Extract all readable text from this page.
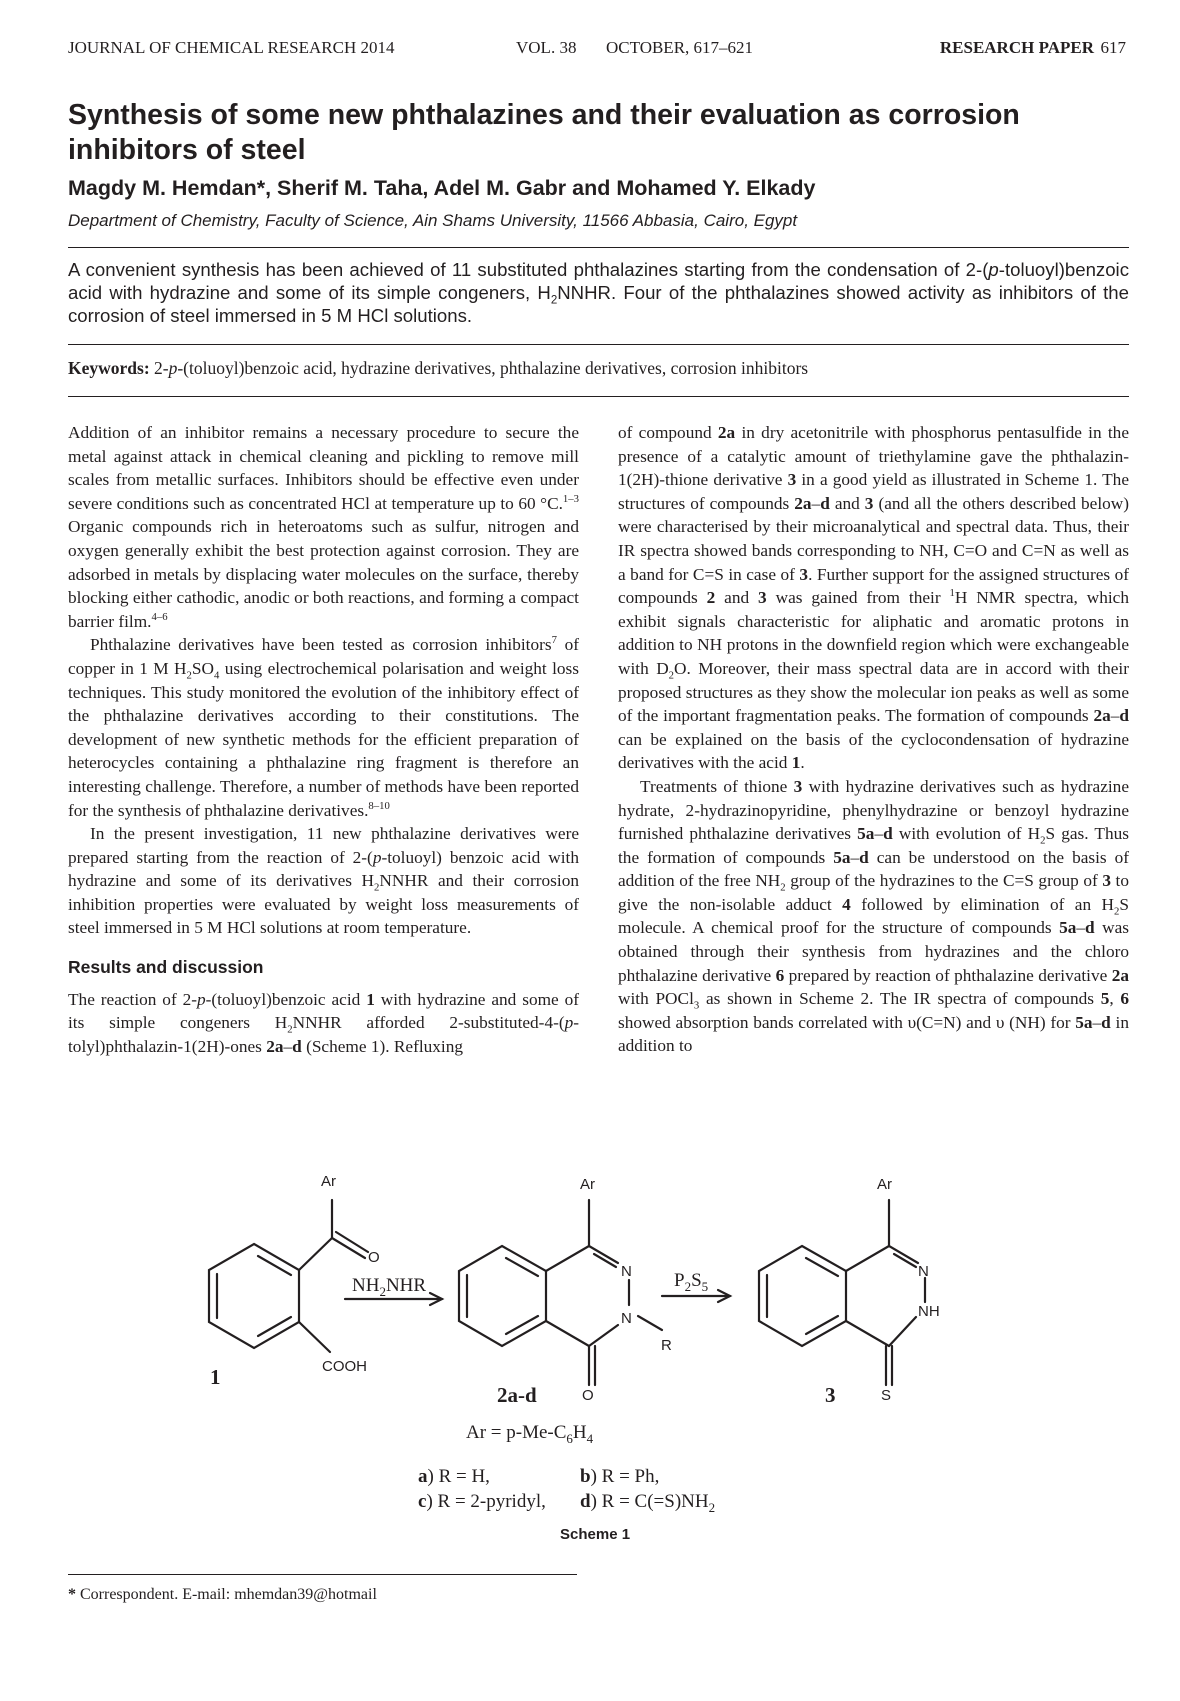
JOURNAL OF CHEMICAL RESEARCH 2014	VOL. 38 OCTOBER, 617–621	RESEARCH PAPER 617
Synthesis of some new phthalazines and their evaluation as corrosion inhibitors of steel

Magdy M. Hemdan*, Sherif M. Taha, Adel M. Gabr and Mohamed Y. Elkady

Department of Chemistry, Faculty of Science, Ain Shams University, 11566 Abbasia, Cairo, Egypt

A convenient synthesis has been achieved of 11 substituted phthalazines starting from the condensation of 2-(p-toluoyl)benzoic acid with hydrazine and some of its simple congeners, $H_2NNHR$. Four of the phthalazines showed activity as inhibitors of the corrosion of steel immersed in 5 M HCl solutions.

Keywords: 2-p-(toluoyl)benzoic acid, hydrazine derivatives, phthalazine derivatives, corrosion inhibitors

Addition of an inhibitor remains a necessary procedure to secure the metal against attack in chemical cleaning and pickling to remove mill scales from metallic surfaces. Inhibitors should be effective even under severe conditions such as concentrated HCl at temperature up to 60 °C.$^{1-3}$ Organic compounds rich in heteroatoms such as sulfur, nitrogen and oxygen generally exhibit the best protection against corrosion. They are adsorbed in metals by displacing water molecules on the surface, thereby blocking either cathodic, anodic or both reactions, and forming a compact barrier film.$^{4-6}$

Phthalazine derivatives have been tested as corrosion inhibitors$^7$ of copper in 1 M $H_2SO_4$ using electrochemical polarisation and weight loss techniques. This study monitored the evolution of the inhibitory effect of the phthalazine derivatives according to their constitutions. The development of new synthetic methods for the efficient preparation of heterocycles containing a phthalazine ring fragment is therefore an interesting challenge. Therefore, a number of methods have been reported for the synthesis of phthalazine derivatives.$^{8-10}$

In the present investigation, 11 new phthalazine derivatives were prepared starting from the reaction of 2-(p-toluoyl) benzoic acid with hydrazine and some of its derivatives $H_2NNHR$ and their corrosion inhibition properties were evaluated by weight loss measurements of steel immersed in 5 M HCl solutions at room temperature.

Results and discussion

The reaction of 2-p-(toluoyl)benzoic acid 1 with hydrazine and some of its simple congeners $H_2NNHR$ afforded 2-substituted-4-(p-tolyl)phthalazin-1(2H)-ones 2a–d (Scheme 1). Refluxing

of compound 2a in dry acetonitrile with phosphorus pentasulfide in the presence of a catalytic amount of triethylamine gave the phthalazin-1(2H)-thione derivative 3 in a good yield as illustrated in Scheme 1. The structures of compounds 2a–d and 3 (and all the others described below) were characterised by their microanalytical and spectral data. Thus, their IR spectra showed bands corresponding to NH, C=O and C=N as well as a band for C=S in case of 3. Further support for the assigned structures of compounds 2 and 3 was gained from their $^1$H NMR spectra, which exhibit signals characteristic for aliphatic and aromatic protons in addition to NH protons in the downfield region which were exchangeable with $D_2O$. Moreover, their mass spectral data are in accord with their proposed structures as they show the molecular ion peaks as well as some of the important fragmentation peaks. The formation of compounds 2a–d can be explained on the basis of the cyclocondensation of hydrazine derivatives with the acid 1.

Treatments of thione 3 with hydrazine derivatives such as hydrazine hydrate, 2-hydrazinopyridine, phenylhydrazine or benzoyl hydrazine furnished phthalazine derivatives 5a–d with evolution of $H_2S$ gas. Thus the formation of compounds 5a–d can be understood on the basis of addition of the free $NH_2$ group of the hydrazines to the C=S group of 3 to give the non-isolable adduct 4 followed by elimination of an $H_2S$ molecule. A chemical proof for the structure of compounds 5a–d was obtained through their synthesis from hydrazines and the chloro phthalazine derivative 6 prepared by reaction of phthalazine derivative 2a with POCl$_3$ as shown in Scheme 2. The IR spectra of compounds 5, 6 showed absorption bands correlated with υ(C=N) and υ (NH) for 5a–d in addition to

Ar
O
COOH
Ar
N
N
R
O
Ar
N
NH
S
$NH_2NHR$	$P_2S_5$
1
2a-d	3
$Ar = p-Me-C_6H_4$
a) R = H,	b) R = Ph,
c) R = 2-pyridyl, d) $R = C(=S)NH_2$
Scheme 1

* Correspondent. E-mail: mhemdan39@hotmail
